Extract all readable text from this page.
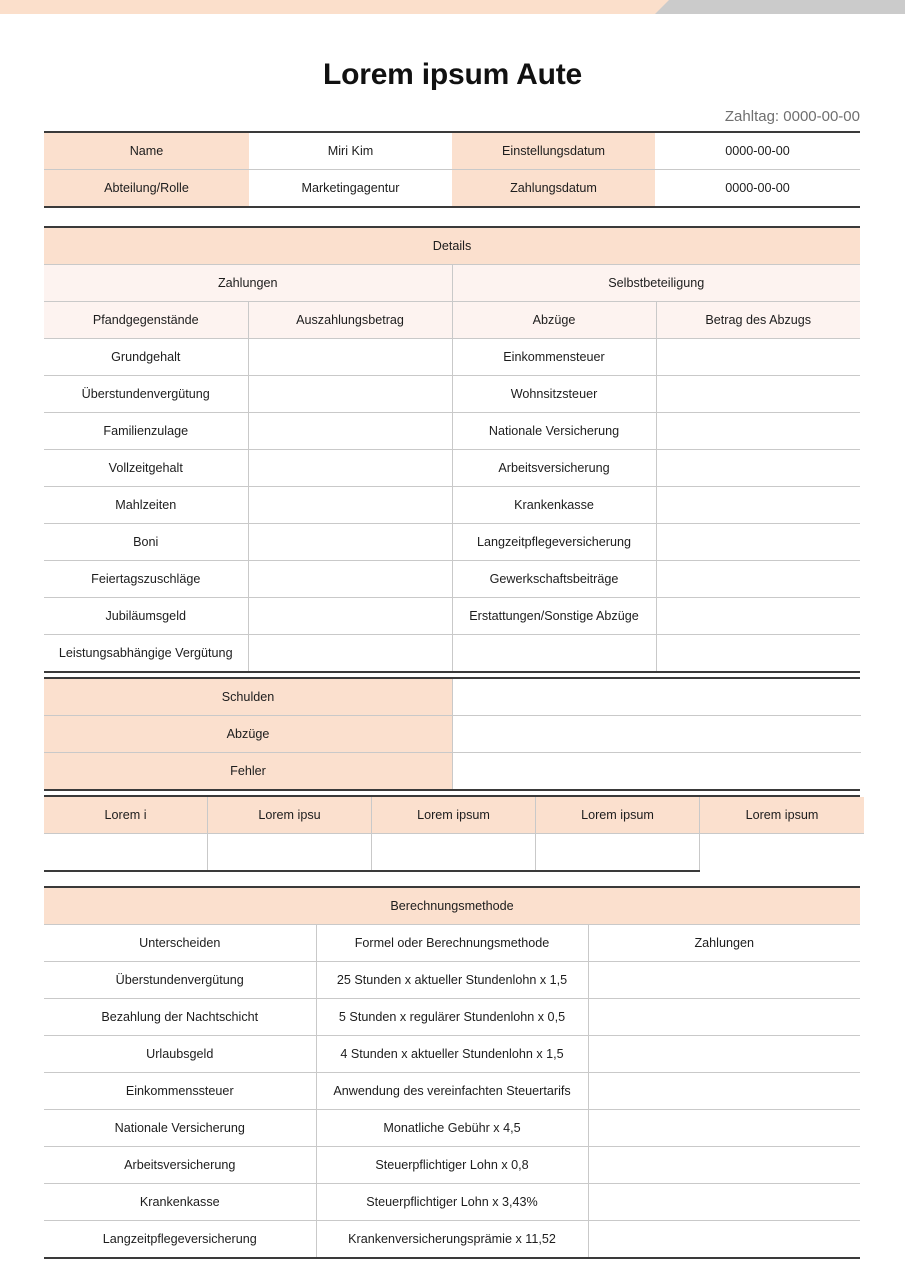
Lorem ipsum Aute
Zahltag: 0000-00-00
Name	Miri Kim	Einstellungsdatum	0000-00-00
Abteilung/Rolle	Marketingagentur	Zahlungsdatum	0000-00-00
Details			
Zahlungen		Selbstbeteiligung	
Pfandgegenstände	Auszahlungsbetrag	Abzüge	Betrag des Abzugs
Grundgehalt		Einkommensteuer	
Überstundenvergütung		Wohnsitzsteuer	
Familienzulage		Nationale Versicherung	
Vollzeitgehalt		Arbeitsversicherung	
Mahlzeiten		Krankenkasse	
Boni		Langzeitpflegeversicherung	
Feiertagszuschläge		Gewerkschaftsbeiträge	
Jubiläumsgeld		Erstattungen/Sonstige Abzüge	
Leistungsabhängige Vergütung			
Schulden	
Abzüge	
Fehler	
Lorem i	Lorem ipsu	Lorem ipsum	Lorem ipsum	Lorem ipsum

Berechnungsmethode		
Unterscheiden	Formel oder Berechnungsmethode	Zahlungen
Überstundenvergütung	25 Stunden x aktueller Stundenlohn x 1,5	
Bezahlung der Nachtschicht	5 Stunden x regulärer Stundenlohn x 0,5	
Urlaubsgeld	4 Stunden x aktueller Stundenlohn x 1,5	
Einkommenssteuer	Anwendung des vereinfachten Steuertarifs	
Nationale Versicherung	Monatliche Gebühr x 4,5	
Arbeitsversicherung	Steuerpflichtiger Lohn x 0,8	
Krankenkasse	Steuerpflichtiger Lohn x 3,43%	
Langzeitpflegeversicherung	Krankenversicherungsprämie x 11,52	
